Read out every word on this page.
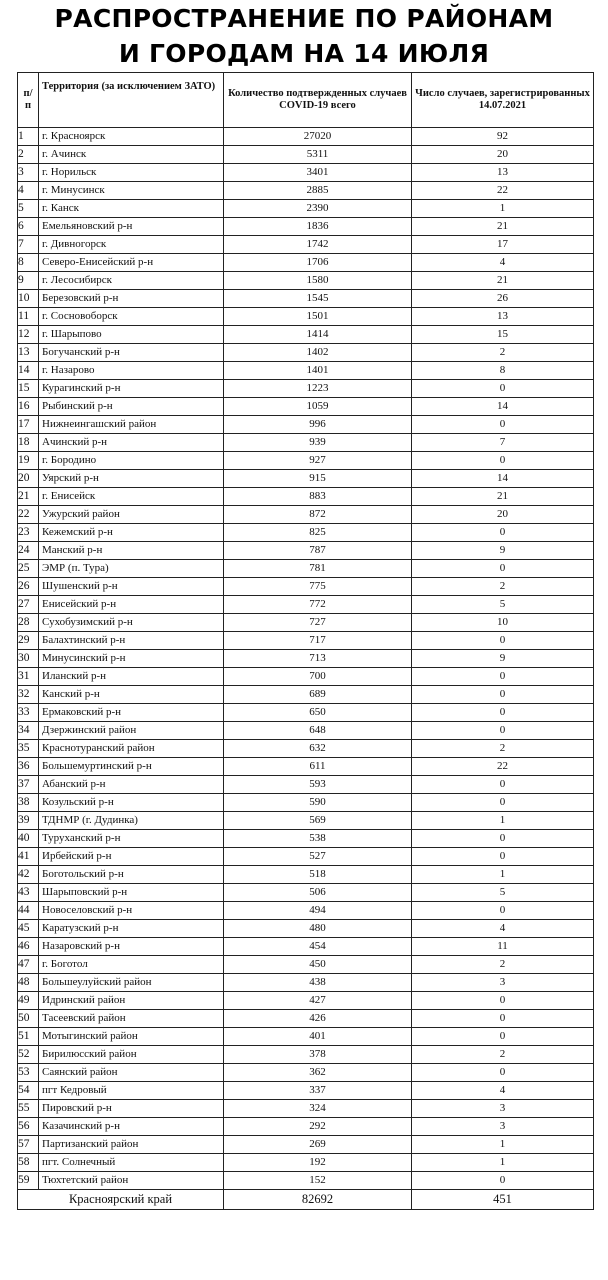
РАСПРОСТРАНЕНИЕ ПО РАЙОНАМ
И ГОРОДАМ НА 14 ИЮЛЯ
п/п	Территория (за исключением ЗАТО)	Количество подтвержденных случаев COVID-19 всего	Число случаев, зарегистрированных 14.07.2021
1	г. Красноярск	27020	92
2	г. Ачинск	5311	20
3	г. Норильск	3401	13
4	г. Минусинск	2885	22
5	г. Канск	2390	1
6	Емельяновский р-н	1836	21
7	г. Дивногорск	1742	17
8	Северо-Енисейский р-н	1706	4
9	г. Лесосибирск	1580	21
10	Березовский р-н	1545	26
11	г. Сосновоборск	1501	13
12	г. Шарыпово	1414	15
13	Богучанский р-н	1402	2
14	г. Назарово	1401	8
15	Курагинский р-н	1223	0
16	Рыбинский р-н	1059	14
17	Нижнеингашский район	996	0
18	Ачинский р-н	939	7
19	г. Бородино	927	0
20	Уярский р-н	915	14
21	г. Енисейск	883	21
22	Ужурский район	872	20
23	Кежемский р-н	825	0
24	Манский р-н	787	9
25	ЭМР (п. Тура)	781	0
26	Шушенский р-н	775	2
27	Енисейский р-н	772	5
28	Сухобузимский р-н	727	10
29	Балахтинский р-н	717	0
30	Минусинский р-н	713	9
31	Иланский р-н	700	0
32	Канский р-н	689	0
33	Ермаковский р-н	650	0
34	Дзержинский район	648	0
35	Краснотуранский район	632	2
36	Большемуртинский р-н	611	22
37	Абанский р-н	593	0
38	Козульский р-н	590	0
39	ТДНМР (г. Дудинка)	569	1
40	Туруханский р-н	538	0
41	Ирбейский р-н	527	0
42	Боготольский р-н	518	1
43	Шарыповский р-н	506	5
44	Новоселовский р-н	494	0
45	Каратузский р-н	480	4
46	Назаровский р-н	454	11
47	г. Боготол	450	2
48	Большеулуйский район	438	3
49	Идринский район	427	0
50	Тасеевский район	426	0
51	Мотыгинский район	401	0
52	Бирилюсский район	378	2
53	Саянский район	362	0
54	пгт Кедровый	337	4
55	Пировский р-н	324	3
56	Казачинский р-н	292	3
57	Партизанский район	269	1
58	пгт. Солнечный	192	1
59	Тюхтетский район	152	0
Красноярский край		82692	451
